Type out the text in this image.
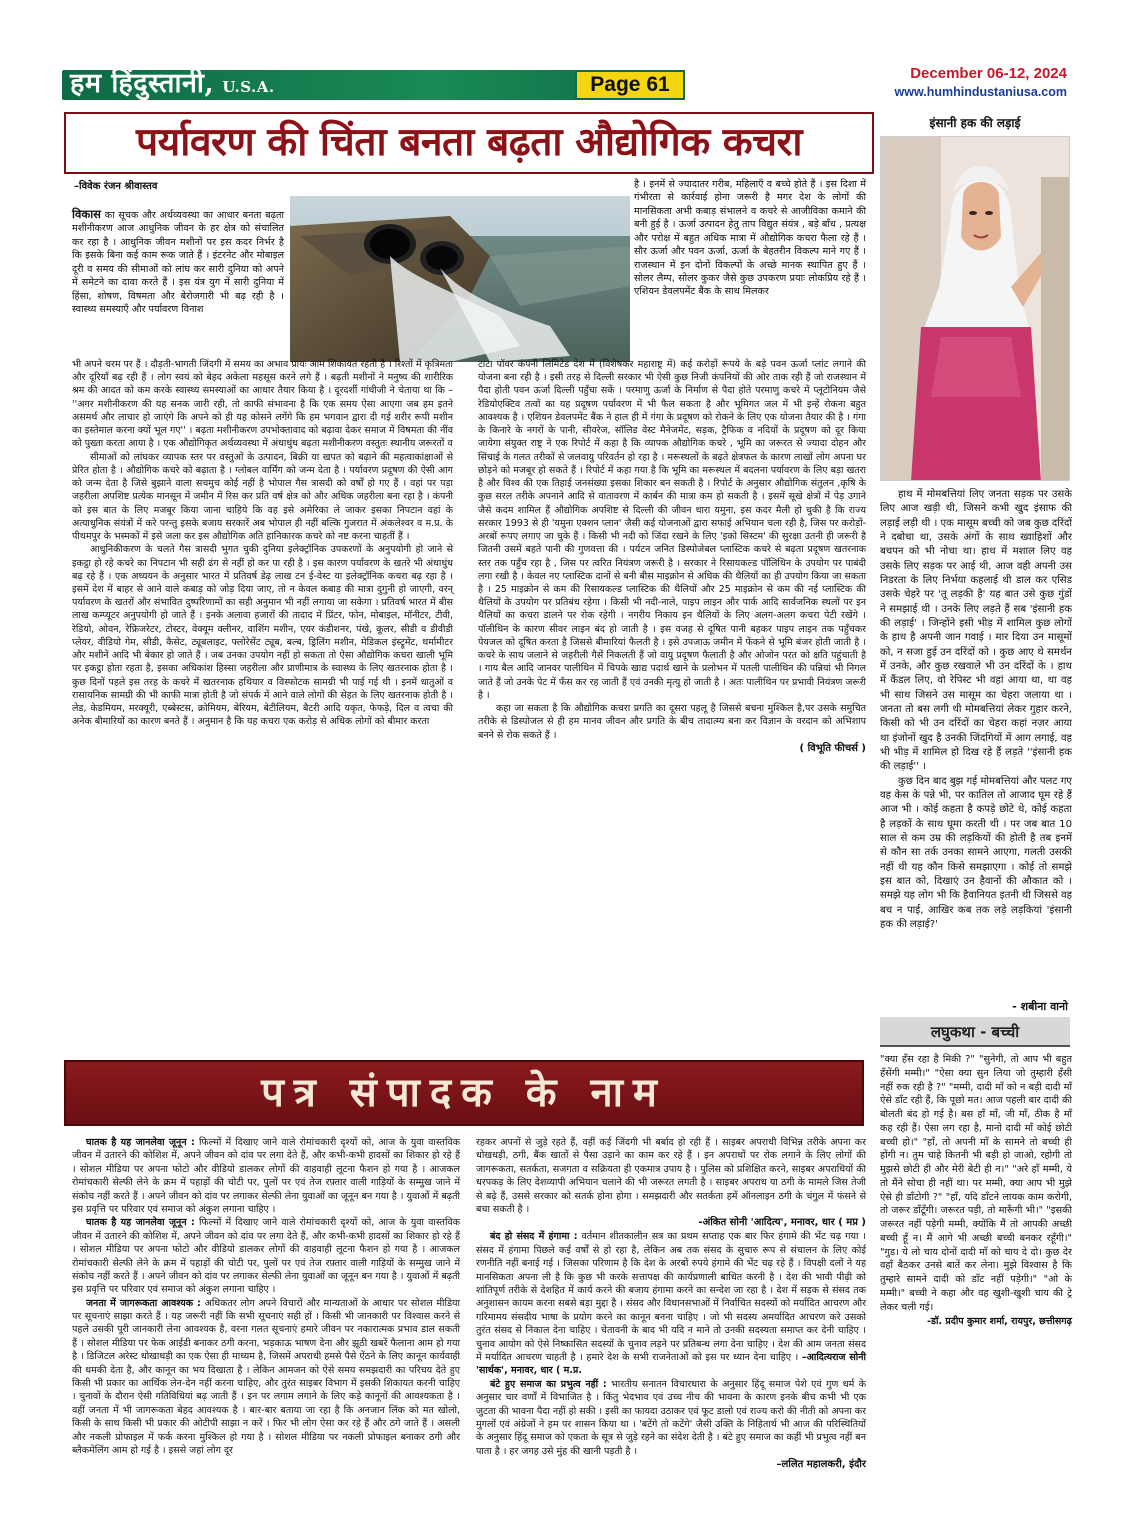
हम हिंदुस्तानी, U.S.A.	Page 61	December 06-12, 2024
www.humhindustaniusa.com
पर्यावरण की चिंता बनता बढ़ता औद्योगिक कचरा
–विवेक रंजन श्रीवास्तव

विकास का सूचक और अर्थव्यवस्था का आधार बनता बढ़ता मशीनीकरण आज आधुनिक जीवन के हर क्षेत्र को संचालित कर रहा है । आधुनिक जीवन मशीनों पर इस कदर निर्भर है कि इसके बिना कई काम रूक जाते हैं । इंटरनेट और मोबाइल दूरी व समय की सीमाओं को लांघ कर सारी दुनिया को अपने में समेटने का दावा करते हैं । इस यंत्र युग में सारी दुनिया में हिंसा, शोषण, विषमता और बेरोजगारी भी बढ़ रही है । स्वास्थ्य समस्याएँ और पर्यावरण विनाश

भी अपने चरम पर हैं । दौड़ती-भागती जिंदगी में समय का अभाव प्रायः आम शिकायत रहती है । रिश्तों में कृत्रिमता और दूरियाँ बढ़ रही हैं । लोग स्वयं को बेहद अकेला महसूस करने लगे हैं । बढ़ती मशीनों ने मनुष्य की शारीरिक श्रम की आदत को कम करके स्वास्थ्य समस्याओं का आधार तैयार किया है । दूरदर्शी गांधीजी ने चेताया था कि – ''अगर मशीनीकरण की यह सनक जारी रही, तो काफी संभावना है कि एक समय ऐसा आएगा जब हम इतने असमर्थ और लाचार हो जाएंगे कि अपने को ही यह कोसने लगेंगे कि हम भगवान द्वारा दी गई शरीर रूपी मशीन का इस्तेमाल करना क्यों भूल गए'' । बढ़ता मशीनीकरण उपभोक्तावाद को बढ़ावा देकर समाज में विषमता की नींव को पुख्ता करता आया है । एक औद्योगिकृत अर्थव्यवस्था में अंधाधुंध बढ़ता मशीनीकरण वस्तुतः स्थानीय जरूरतों व

सीमाओं को लांघकर व्यापक स्तर पर वस्तुओं के उत्पादन, बिक्री या खपत को बढ़ाने की महत्वाकांक्षाओं से प्रेरित होता है । औद्योगिक कचरे को बढ़ाता है । ग्लोबल वार्मिंग को जन्म देता है । पर्यावरण प्रदूषण की ऐसी आग को जन्म देता है जिसे बुझाने वाला सचमुच कोई नहीं है भोपाल गैस त्रासदी को वर्षों हो गए हैं । वहां पर पड़ा जहरीला अपशिष्ट प्रत्येक मानसून में जमीन में रिस कर प्रति वर्ष क्षेत्र को और अधिक जहरीला बना रहा है । कंपनी को इस बात के लिए मजबूर किया जाना चाहिये कि वह इसे अमेरिका ले जाकर इसका निपटान वहां के अत्याधुनिक संयंत्रों में करे परन्तु इसके बजाय सरकारें अब भोपाल ही नहीं बल्कि गुजरात में अंकलेश्वर व म.प्र. के पीथमपुर के भस्मकों में इसे जला कर इस औद्योगिक अति हानिकारक कचरे को नष्ट करना चाहतीं हैं ।

आधुनिकीकरण के चलते गैस त्रासदी भुगत चुकी दुनिया इलेक्ट्रॉनिक उपकरणों के अनुपयोगी हो जाने से इकट्ठा हो रहे कचरे का निपटान भी सही ढंग से नहीं हो कर पा रही है । इस कारण पर्यावरण के खतरे भी अंधाधुंध बढ़ रहे हैं । एक अध्ययन के अनुसार भारत में प्रतिवर्ष डेढ़ लाख टन ई-वेस्ट या इलेक्ट्रॉनिक कचरा बढ़ रहा है । इसमें देश में बाहर से आने वाले कबाड़ को जोड़ दिया जाए, तो न केवल कबाड़ की मात्रा दुगुनी हो जाएगी, वरन् पर्यावरण के खतरों और संभावित दुष्परिणामों का सही अनुमान भी नहीं लगाया जा सकेगा । प्रतिवर्ष भारत में बीस लाख कम्प्यूटर अनुपयोगी हो जाते हैं । इनके अलावा हजारों की तादाद में प्रिंटर, फोन, मोबाइल, मॉनीटर, टीवी, रेडियो, ओवन, रेफ्रिजरेटर, टोस्टर, वेक्यूम क्लीनर, वाशिंग मशीन, एयर कंडीशनर, पंखे, कूलर, सीडी व डीवीडी प्लेयर, वीडियो गेम, सीडी, कैसेट, ट्यूबलाइट, फ्लोरेसेंट ट्यूब, बल्ब, ड्रिलिंग मशीन, मेडिकल इंस्ट्रूमेंट, थर्मामीटर और मशीनें आदि भी बेकार हो जाते हैं । जब उनका उपयोग नहीं हो सकता तो ऐसा औद्योगिक कचरा खाली भूमि पर इकट्ठा होता रहता है, इसका अधिकांश हिस्सा जहरीला और प्राणीमात्र के स्वास्थ्य के लिए खतरनाक होता है । कुछ दिनों पहले इस तरह के कचरे में खतरनाक हथियार व विस्फोटक सामग्री भी पाई गई थी । इनमें धातुओं व रासायनिक सामग्री की भी काफी मात्रा होती है जो संपर्क में आने वाले लोगों की सेहत के लिए खतरनाक होती है । लेड, केडमियम, मरक्यूरी, एब्बेस्टस, क्रोमियम, बेरियम, बेटीलियम, बैटरी आदि यकृत, फेफड़े, दिल व त्वचा की अनेक बीमारियों का कारण बनते हैं । अनुमान है कि यह कचरा एक करोड़ से अधिक लोगों को बीमार करता

है । इनमें से ज्यादातर गरीब, महिलाएँ व बच्चे होते हैं । इस दिशा में गंभीरता से कार्रवाई होना जरूरी है मगर देश के लोगों की मानसिकता अभी कबाड़ संभालने व कचरे से आजीविका कमाने की बनी हुई है । ऊर्जा उत्पादन हेतु ताप विद्युत संयंत्र , बड़े बाँध , प्रत्यक्ष और परोक्ष में बहुत अधिक मात्रा में औद्योगिक कचरा फैला रहे हैं । सौर ऊर्जा और पवन ऊर्जा, ऊर्जा के बेहतरीन विकल्प माने गए हैं । राजस्थान में इन दोनों विकल्पों के अच्छे मानक स्थापित हुए हैं । सोलर लैम्प, सोलर कुकर जैसे कुछ उपकरण प्रयाः लोकप्रिय रहे हैं । एशियन डेवलपमेंट बैंक के साथ मिलकर

टाटा पॉवर कंपनी लिमिटेड देश में (विशेषकर महाराष्ट्र में) कई करोड़ों रूपये के बड़े पवन ऊर्जा प्लांट लगाने की योजना बना रही है । इसी तरह से दिल्ली सरकार भी ऐसी कुछ निजी कंपनियों की ओर ताक रही हैं जो राजस्थान में पैदा होती पवन ऊर्जा दिल्ली पहुँचा सकें । परमाणु ऊर्जा के निर्माण से पैदा होते परमाणु कचरे में प्लूटोनियम जैसे रेडियोएक्टिव तत्वों का यह प्रदूषण पर्यावरण में भी फैल सकता है और भूमिगत जल में भी इन्हें रोकना बहुत आवश्यक है । एशियन डेवलपमेंट बैंक ने हाल ही में गंगा के प्रदूषण को रोकने के लिए एक योजना तैयार की है । गंगा के किनारे के नगरों के पानी, सीवरेज, सॉलिड वेस्ट मैनेजमेंट, सड़क, ट्रैफिक व नदियों के प्रदूषण को दूर किया जायेगा संयुक्त राष्ट्र ने एक रिपोर्ट में कहा है कि व्यापक औद्योगिक कचरे , भूमि का जरूरत से ज्यादा दोहन और सिंचाई के गलत तरीकों से जलवायु परिवर्तन हो रहा है । मरूस्थलों के बढ़ते क्षेत्रफल के कारण लाखों लोग अपना घर छोड़ने को मजबूर हो सकते हैं । रिपोर्ट में कहा गया है कि भूमि का मरूस्थल में बदलना पर्यावरण के लिए बड़ा खतरा है और विश्व की एक तिहाई जनसंख्या इसका शिकार बन सकती है । रिपोर्ट के अनुसार औद्योगिक संतुलन ,कृषि के कुछ सरल तरीके अपनाने आदि से वातावरण में कार्बन की मात्रा कम हो सकती है । इसमें सूखे क्षेत्रों में पेड़ उगाने जैसे कदम शामिल हैं औद्योगिक अपशिष्ट से दिल्ली की जीवन धारा यमुना, इस कदर मैली हो चुकी है कि राज्य सरकार 1993 से ही 'यमुना एक्शन प्लान' जैसी कई योजनाओं द्वारा सफाई अभियान चला रही है, जिस पर करोड़ों-अरबों रूपए लगाए जा चुके हैं । किसी भी नदी को जिंदा रखने के लिए 'इको सिस्टम' की सुरक्षा उतनी ही जरूरी है जितनी उसमें बहते पानी की गुणवत्ता की । पर्यटन जनित डिस्पोजेबल प्लास्टिक कचरे से बढ़ता प्रदूषण खतरनाक स्तर तक पहुँच रहा है , जिस पर त्वरित नियंत्रण जरूरी है । सरकार ने रिसायकल्ड पॉलिथिन के उपयोग पर पाबंदी लगा रखी है । केवल नए प्लास्टिक दानों से बनी बीस माइक्रोन से अधिक की थैलियों का ही उपयोग किया जा सकता है । 25 माइक्रोन से कम की रिसायकल्ड प्लास्टिक की थैलियों और 25 माइक्रोन से कम की नई प्लास्टिक की थैलियों के उपयोग पर प्रतिबंध रहेगा । किसी भी नदी-नाले, पाइप लाइन और पार्क आदि सार्वजनिक स्थलों पर इन थैलियों का कचरा डालने पर रोक रहेगी । नगरीय निकाय इन थैलियों के लिए अलग-अलग कचरा पेटी रखेंगे । पॉलीथिन के कारण सीवर लाइन बंद हो जाती है । इस वजह से दूषित पानी बहकर पाइप लाइन तक पहुँचकर पेयजल को दूषित करता है जिससे बीमारियां फैलती है । इसे उपजाऊ जमीन में फेंकने से भूमि बंजर होती जाती है । कचरे के साथ जलाने से जहरीली गैसें निकलती हैं जो वायु प्रदूषण फैलाती है और ओजोन परत को क्षति पहुंचाती है । गाय बैल आदि जानवर पालीथिन में चिपके खाद्य पदार्थ खाने के प्रलोभन में पतली पालीथिन की पन्नियां भी निगल जाते हैं जो उनके पेट में फँस कर रह जाती हैं एवं उनकी मृत्यु हो जाती है । अतः पालीथिन पर प्रभावी नियंत्रण जरूरी है ।

कहा जा सकता है कि औद्योगिक कचरा प्रगति का दूसरा पहलू है जिससे बचना मुश्किल है,पर उसके समुचित तरीके से डिस्पोजल से ही हम मानव जीवन और प्रगति के बीच तादात्म्य बना कर विज्ञान के वरदान को अभिशाप बनने से रोक सकते हैं ।

( विभूति फीचर्स )
इंसानी हक की लड़ाई

हाथ में मोमबत्तियां लिए जनता सड़क पर उसके लिए आज खड़ी थी, जिसने कभी खुद इंसाफ की लड़ाई लड़ी थी । एक मासूम बच्ची को जब कुछ दरिंदों ने दबोचा था, उसके अंगों के साथ ख्वाहिशों और बचपन को भी नोचा था। हाथ में मशाल लिए वह उसके लिए सड़क पर आई थी, आज वही अपनी उस निडरता के लिए निर्भया कहलाई थी डाल कर एसिड उसके चेहरे पर 'तू लड़की है' यह बात उसे कुछ गुंडों ने समझाई थी । उनके लिए लड़ते हैं सब 'इंसानी हक की लड़ाई' । जिन्होंने इसी भीड़ में शामिल कुछ लोगों के हाथ है अपनी जान गवाई । मार दिया उन मासूमों को, न सजा हुई उन दरिंदों को । कुछ आए थे समर्थन में उनके, और कुछ रखवाले भी उन दरिंदों के । हाथ में कैंडल लिए, वो रेपिस्ट भी वहां आया था, था वह भी साथ जिसने उस मासूम का चेहरा जलाया था । जनता तो बस लगी थी मोमबत्तियां लेकर गुहार करने, किसी को भी उन दरिंदों का चेहरा कहां नज़र आया था इंजोनों खुद है उनकी जिंदगियों में आग लगाई, वह भी भीड़ में शामिल हो दिख रहे हैं लड़ते ''इंसानी हक की लड़ाई'' ।

कुछ दिन बाद बुझ गई मोमबत्तियां और पलट गए वह केस के पन्ने भी, पर कातिल तो आजाद घूम रहे हैं आज भी । कोई कहता है कपड़े छोटे थे, कोई कहता है लड़कों के साथ घूमा करती थी । पर जब बात 10 साल से कम उम्र की लड़कियों की होती है तब इनमें से कौन सा तर्क उनका सामने आएगा, गलती उसकी नहीं थी यह कौन किसे समझाएगा । कोई तो समझे इस बात को, दिखाएं उन हैवानों की औकात को । समझे यह लोग भी कि हैवानियत इतनी थी जिससे वह बच न पाई, आखिर कब तक लड़े लड़कियां 'इंसानी हक की लड़ाई?'

- शबीना वानो
पत्र संपादक के नाम

घातक है यह जानलेवा जूनून : फिल्मों में दिखाए जाने वाले रोमांचकारी दृश्यों को, आज के युवा वास्तविक जीवन में उतारने की कोशिश में, अपने जीवन को दांव पर लगा देते हैं, और कभी-कभी हादसों का शिकार हो रहे हैं । सोशल मीडिया पर अपना फोटो और वीडियो डालकर लोगों की वाहवाही लूटना फैशन हो गया है । आजकल रोमांचकारी सेल्फी लेने के क्रम में पहाड़ों की चोटी पर, पुलों पर एवं तेज रफ़्तार वाली गाड़ियों के सम्मुख जाने में संकोच नहीं करते हैं । अपने जीवन को दांव पर लगाकर सेल्फी लेना युवाओं का जूनून बन गया है । युवाओं में बढ़ती इस प्रवृत्ति पर परिवार एवं समाज को अंकुश लगाना चाहिए ।

घातक है यह जानलेवा जूनून : फिल्मों में दिखाए जाने वाले रोमांचकारी दृश्यों को, आज के युवा वास्तविक जीवन में उतारने की कोशिश में, अपने जीवन को दांव पर लगा देते हैं, और कभी-कभी हादसों का शिकार हो रहे हैं । सोशल मीडिया पर अपना फोटो और वीडियो डालकर लोगों की वाहवाही लूटना फैशन हो गया है । आजकल रोमांचकारी सेल्फी लेने के क्रम में पहाड़ों की चोटी पर, पुलों पर एवं तेज रफ़्तार वाली गाड़ियों के सम्मुख जाने में संकोच नहीं करते हैं । अपने जीवन को दांव पर लगाकर सेल्फी लेना युवाओं का जूनून बन गया है । युवाओं में बढ़ती इस प्रवृत्ति पर परिवार एवं समाज को अंकुश लगाना चाहिए ।

जनता में जागरूकता आवश्यक : अधिकतर लोग अपने विचारों और मान्यताओं के आधार पर सोशल मीडिया पर सूचनाएं साझा करते हैं । यह जरूरी नहीं कि सभी सूचनाएं सही हों । किसी भी जानकारी पर विश्वास करने से पहले उसकी पूरी जानकारी लेना आवश्यक है, वरना गलत सूचनाएं हमारे जीवन पर नकारात्मक प्रभाव डाल सकती हैं । सोशल मीडिया पर फेक आईडी बनाकर ठगी करना, भड़काऊ भाषण देना और झूठी खबरें फैलाना आम हो गया है । डिजिटल अरेस्ट धोखाधड़ी का एक ऐसा ही माध्यम है, जिसमें अपराधी हमसे पैसे ऐंठने के लिए कानून कार्यवाही की धमकी देता है, और कानून का भय दिखाता है । लेकिन आमजन को ऐसे समय समझदारी का परिचय देते हुए किसी भी प्रकार का आर्थिक लेन-देन नहीं करना चाहिए, और तुरंत साइबर विभाग में इसकी शिकायत करनी चाहिए । चुनावों के दौरान ऐसी गतिविधियां बढ़ जाती हैं । इन पर लगाम लगाने के लिए कड़े कानूनों की आवश्यकता है । वहीं जनता में भी जागरूकता बेहद आवश्यक है । बार-बार बताया जा रहा है कि अनजान लिंक को मत खोलो, किसी के साथ किसी भी प्रकार की ओटीपी साझा न करें । फिर भी लोग ऐसा कर रहे हैं और ठगे जाते हैं । असली और नकली प्रोफाइल में फर्क करना मुश्किल हो गया है । सोशल मीडिया पर नकली प्रोफाइल बनाकर ठगी और ब्लैकमेलिंग आम हो गई है । इससे जहां लोग दूर

रहकर अपनों से जुड़े रहते हैं, वहीं कई जिंदगी भी बर्बाद हो रही हैं । साइबर अपराधी विभिन्न तरीके अपना कर धोखधड़ी, ठगी, बैंक खातों से पैसा उड़ाने का काम कर रहे हैं । इन अपराधों पर रोक लगाने के लिए लोगों की जागरूकता, सतर्कता, सजगता व सक्रियता ही एकमात्र उपाय है । पुलिस को प्रशिक्षित करने, साइबर अपराधियों की धरपकड़ के लिए देशव्यापी अभियान चलाने की भी जरूरत लगती है । साइबर अपराध या ठगी के मामले जिस तेजी से बढ़े हैं, उससे सरकार को सतर्क होना होगा । समझदारी और सतर्कता हमें ऑनलाइन ठगी के चंगुल में फंसने से बचा सकती है ।

-अंकित सोनी 'आदित्य', मनावर, धार ( मप्र )

बंद हो संसद में हंगामा : वर्तमान शीतकालीन सत्र का प्रथम सप्ताह एक बार फिर हंगामे की भेंट चढ़ गया । संसद में हंगामा पिछले कई वर्षों से हो रहा है, लेकिन अब तक संसद के सुचारु रूप से संचालन के लिए कोई रणनीति नहीं बनाई गई । जिसका परिणाम है कि देश के अरबों रुपये हंगामे की भेंट चढ़ रहे हैं । विपक्षी दलों ने यह मानसिकता अपना ली है कि कुछ भी करके सत्तापक्ष की कार्यप्रणाली बाधित करनी है । देश की भावी पीढ़ी को शांतिपूर्ण तरीके से देशहित में कार्य करने की बजाय हंगामा करने का सन्देश जा रहा है । देश में सड़क से संसद तक अनुशासन कायम करना सबसे बड़ा मुद्दा है । संसद और विधानसभाओं में निर्वाचित सदस्यों को मर्यादित आचरण और गरिमामय संसदीय भाषा के प्रयोग करने का कानून बनना चाहिए । जो भी सदस्य अमर्यादित आचरण करे उसको तुरंत संसद से निकाल देना चाहिए । चेतावनी के बाद भी यदि न माने तो उनकी सदस्यता समाप्त कर देनी चाहिए । चुनाव आयोग को ऐसे निष्कासित सदस्यों के चुनाव लड़ने पर प्रतिबन्ध लगा देना चाहिए । देश की आम जनता संसद में मर्यादित आचरण चाहती है । हमारे देश के सभी राजनेताओं को इस पर ध्यान देना चाहिए । –आदित्यराज सोनी 'सार्थक', मनावर, धार ( म.प्र.

बंटे हुए समाज का प्रभुत्व नहीं : भारतीय सनातन विचारधारा के अनुसार हिंदू समाज पेशे एवं गुण धर्म के अनुसार चार वर्णों में विभाजित है । किंतु भेदभाव एवं उच्च नीच की भावना के कारण इनके बीच कभी भी एक जुटता की भावना पैदा नहीं हो सकी । इसी का फायदा उठाकर एवं फूट डालो एवं राज्य करो की नीती को अपना कर मुगलों एवं अंग्रेजों ने हम पर शासन किया था । 'बटेंगे तो कटेंगे' जैसी उक्ति के निहितार्थ भी आज की परिस्थितियों के अनुसार हिंदू समाज को एकता के सूत्र से जुड़े रहने का संदेश देती है । बंटे हुए समाज का कहीं भी प्रभुत्व नहीं बन पाता है । हर जगह उसे मुंह की खानी पड़ती है ।

–ललित महालकरी, इंदौर
लघुकथा - बच्ची

"क्या हँस रहा है मिकी ?" "सुनेगी, तो आप भी बहुत हँसेंगी मम्मी।" "ऐसा क्या सुन लिया जो तुम्हारी हँसी नहीं रुक रही है ?" "मम्मी, दादी माँ को न बड़ी दादी माँ ऐसे डाँट रही हैं, कि पूछो मत। आज पहली बार दादी की बोलती बंद हो गई है। बस हाँ माँ, जी माँ, ठीक है माँ कह रही हैं। ऐसा लग रहा है, मानो दादी माँ कोई छोटी बच्ची हो।" "हाँ, तो अपनी माँ के सामने तो बच्ची ही होंगी न। तुम चाहे कितनी भी बड़ी हो जाओ, रहोगी तो मुझसे छोटी ही और मेरी बेटी ही न।" "अरे हाँ मम्मी, ये तो मैंने सोचा ही नहीं था। पर मम्मी, क्या आप भी मुझे ऐसे ही डाँटोगी ?" "हाँ, यदि डाँटने लायक काम करोगी, तो जरूर डाँटूँगी। जरूरत पड़ी, तो मारूँगी भी।" "इसकी जरूरत नहीं पड़ेगी मम्मी, क्योंकि मैं तो आपकी अच्छी बच्ची हूँ न। मैं आगे भी अच्छी बच्ची बनकर रहूँगी।" "गुड। ये लो चाय दोनों दादी माँ को चाय दे दो। कुछ देर वहाँ बैठकर उनसे बातें कर लेना। मुझे विश्वास है कि तुम्हारे सामने दादी को डाँट नहीं पड़ेगी।" "ओ के मम्मी।" बच्ची ने कहा और वह खुशी-खुशी चाय की ट्रे लेकर चली गई।

-डॉ. प्रदीप कुमार शर्मा, रायपुर, छत्तीसगढ़
